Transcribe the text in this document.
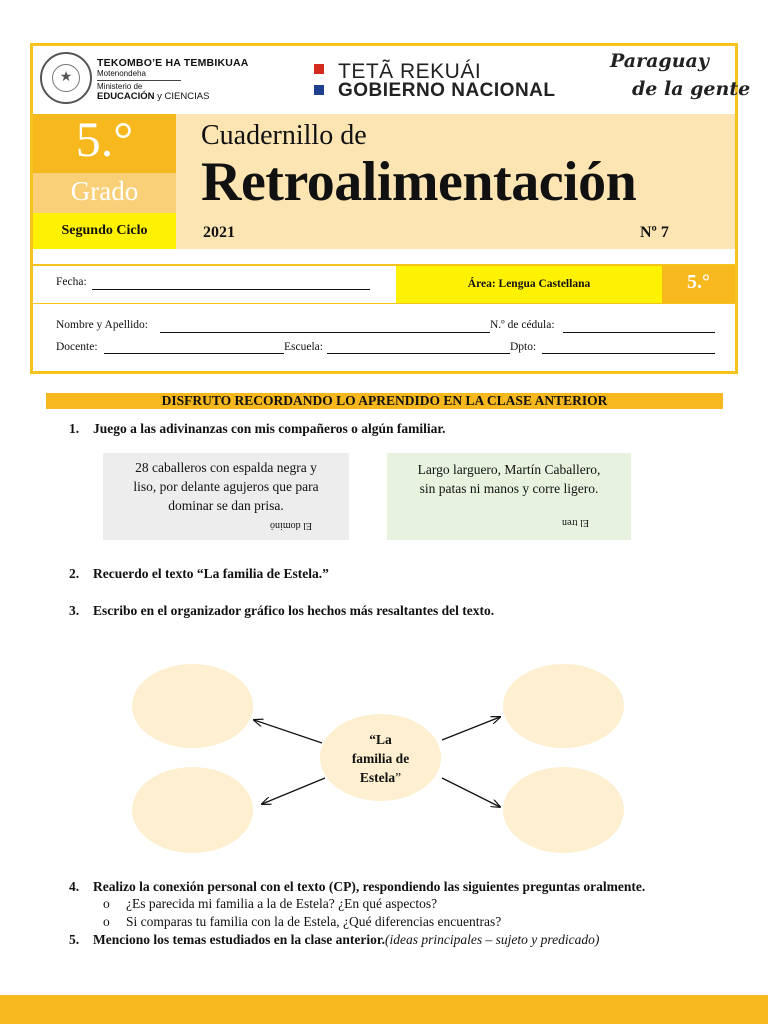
★
TEKOMBO’E HA TEMBIKUAA
Motenondeha
Ministerio de
EDUCACIÓN y CIENCIAS
TETÃ REKUÁI
GOBIERNO NACIONAL
Paraguay
de la gente
5.°
Grado
Segundo Ciclo
Cuadernillo de
Retroalimentación
2021	Nº 7
Fecha:	Área: Lengua Castellana	5.°
Nombre y Apellido:	N.º de cédula:
Docente:	Escuela:	Dpto:
DISFRUTO RECORDANDO LO APRENDIDO EN LA CLASE ANTERIOR
1. Juego a las adivinanzas con mis compañeros o algún familiar.
28 caballeros con espalda negra y
liso, por delante agujeros que para
dominar se dan prisa.
El dominó
Largo larguero, Martín Caballero,
sin patas ni manos y corre ligero.
El tren
2. Recuerdo el texto “La familia de Estela.”
3. Escribo en el organizador gráfico los hechos más resaltantes del texto.
“La
familia de
Estela”
4. Realizo la conexión personal con el texto (CP), respondiendo las siguientes preguntas oralmente.
o ¿Es parecida mi familia a la de Estela? ¿En qué aspectos?
o Si comparas tu familia con la de Estela, ¿Qué diferencias encuentras?
5. Menciono los temas estudiados en la clase anterior.(ideas principales – sujeto y predicado)
